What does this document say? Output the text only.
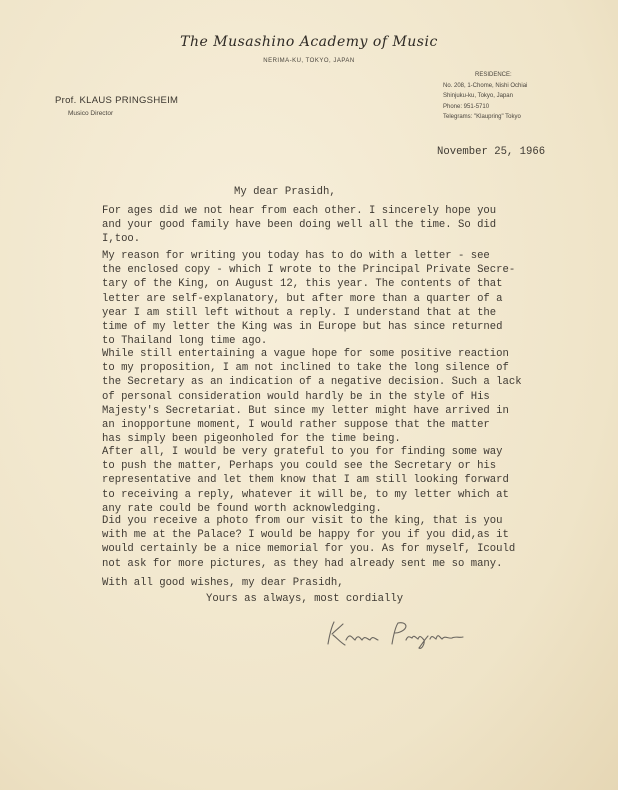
The Musashino Academy of Music
NERIMA-KU, TOKYO, JAPAN
Prof. KLAUS PRINGSHEIM
Musico Director
RESIDENCE:
No. 208, 1-Chome, Nishi Ochiai
Shinjuku-ku, Tokyo, Japan
Phone: 951-5710
Telegrams: "Klaupring" Tokyo
November 25, 1966
My dear Prasidh,
For ages did we not hear from each other. I sincerely hope you
and your good family have been doing well all the time. So did
I,too.
My reason for writing you today has to do with a letter - see
the enclosed copy - which I wrote to the Principal Private Secre-
tary of the King, on August 12, this year. The contents of that
letter are self-explanatory, but after more than a quarter of a
year I am still left without a reply. I understand that at the
time of my letter the King was in Europe but has since returned
to Thailand long time ago.
While still entertaining a vague hope for some positive reaction
to my proposition, I am not inclined to take the long silence of
the Secretary as an indication of a negative decision. Such a lack
of personal consideration would hardly be in the style of His
Majesty's Secretariat. But since my letter might have arrived in
an inopportune moment, I would rather suppose that the matter
has simply been pigeonholed for the time being.
After all, I would be very grateful to you for finding some way
to push the matter, Perhaps you could see the Secretary or his
representative and let them know that I am still looking forward
to receiving a reply, whatever it will be, to my letter which at
any rate could be found worth acknowledging.
Did you receive a photo from our visit to the king, that is you
with me at the Palace? I would be happy for you if you did,as it
would certainly be a nice memorial for you. As for myself, Icould
not ask for more pictures, as they had already sent me so many.
With all good wishes, my dear Prasidh,
Yours as always, most cordially
